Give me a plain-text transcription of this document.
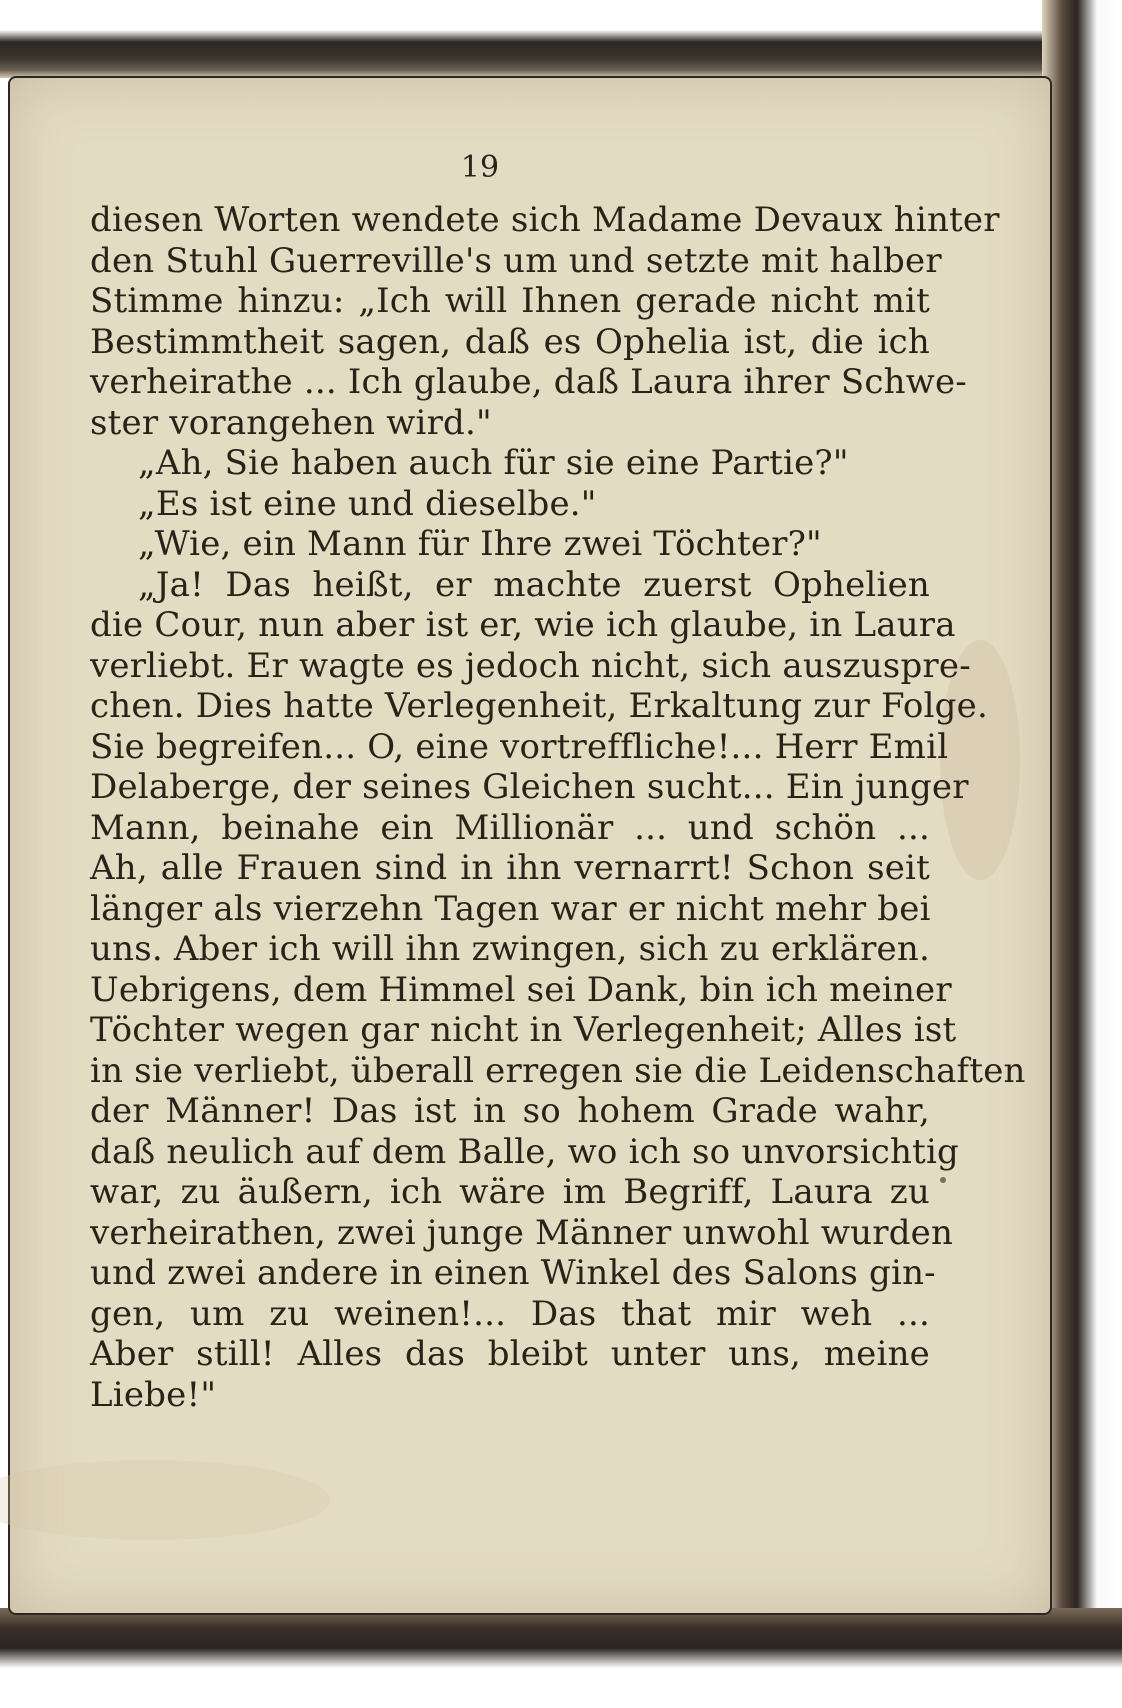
19
diesen Worten wendete sich Madame Devaux hinter
den Stuhl Guerreville's um und setzte mit halber
Stimme hinzu: „Ich will Ihnen gerade nicht mit
Bestimmtheit sagen, daß es Ophelia ist, die ich
verheirathe ... Ich glaube, daß Laura ihrer Schwe-
ster vorangehen wird."
„Ah, Sie haben auch für sie eine Partie?"
„Es ist eine und dieselbe."
„Wie, ein Mann für Ihre zwei Töchter?"
„Ja! Das heißt, er machte zuerst Ophelien
die Cour, nun aber ist er, wie ich glaube, in Laura
verliebt. Er wagte es jedoch nicht, sich auszuspre-
chen. Dies hatte Verlegenheit, Erkaltung zur Folge.
Sie begreifen... O, eine vortreffliche!... Herr Emil
Delaberge, der seines Gleichen sucht... Ein junger
Mann, beinahe ein Millionär ... und schön ...
Ah, alle Frauen sind in ihn vernarrt! Schon seit
länger als vierzehn Tagen war er nicht mehr bei
uns. Aber ich will ihn zwingen, sich zu erklären.
Uebrigens, dem Himmel sei Dank, bin ich meiner
Töchter wegen gar nicht in Verlegenheit; Alles ist
in sie verliebt, überall erregen sie die Leidenschaften
der Männer! Das ist in so hohem Grade wahr,
daß neulich auf dem Balle, wo ich so unvorsichtig
war, zu äußern, ich wäre im Begriff, Laura zu
verheirathen, zwei junge Männer unwohl wurden
und zwei andere in einen Winkel des Salons gin-
gen, um zu weinen!... Das that mir weh ...
Aber still! Alles das bleibt unter uns, meine
Liebe!"
